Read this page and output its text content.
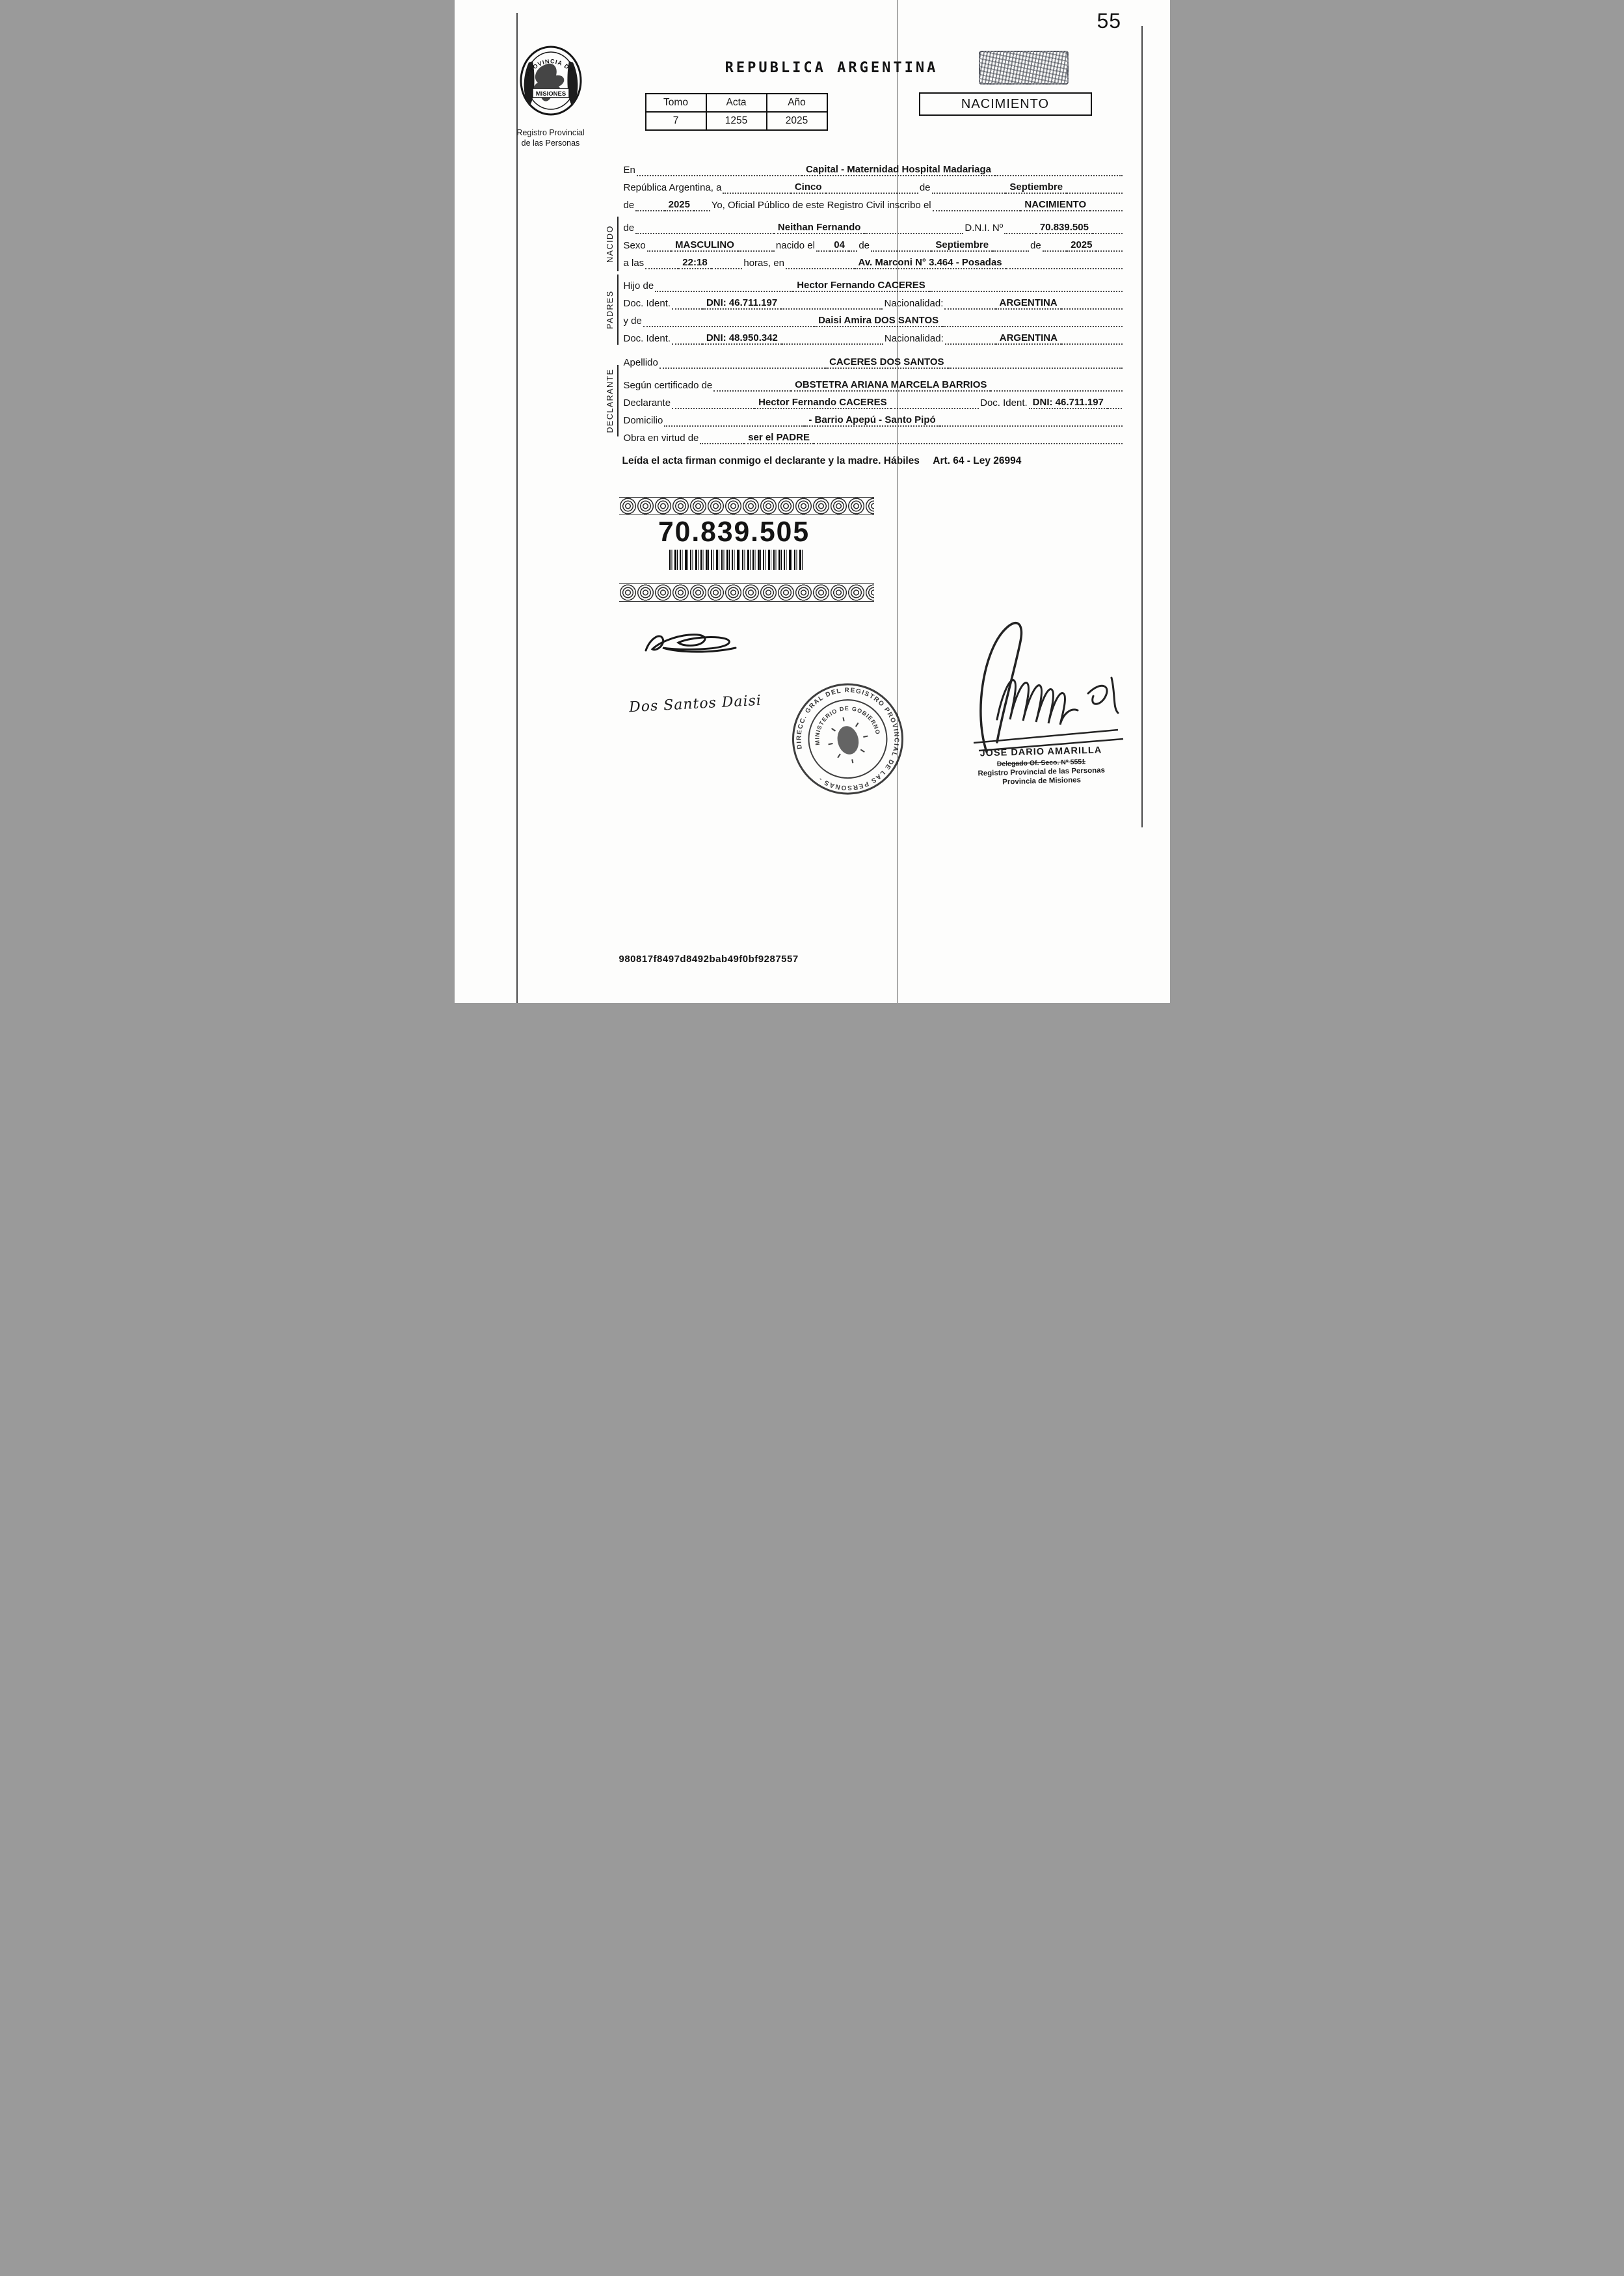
55
PROVINCIA DE
MISIONES
Registro Provincial
de las Personas
REPUBLICA ARGENTINA
Tomo	Acta	Año
7	1255	2025
NACIMIENTO
NACIDO
PADRES
DECLARANTE
En	Capital - Maternidad Hospital Madariaga
República Argentina, a	Cinco	de	Septiembre
de	2025	Yo, Oficial Público de este Registro Civil inscribo el	NACIMIENTO
de	Neithan Fernando	D.N.I. Nº	70.839.505
Sexo	MASCULINO	nacido el	04	de	Septiembre	de	2025
a las	22:18	horas, en	Av. Marconi N° 3.464 - Posadas
Hijo de	Hector Fernando CACERES
Doc. Ident.	DNI: 46.711.197	Nacionalidad:	ARGENTINA
y de	Daisi Amira DOS SANTOS
Doc. Ident.	DNI: 48.950.342	Nacionalidad:	ARGENTINA
Apellido	CACERES DOS SANTOS
Según certificado de	OBSTETRA ARIANA MARCELA BARRIOS
Declarante	Hector Fernando CACERES	Doc. Ident. DNI: 46.711.197
Domicilio	- Barrio Apepú - Santo Pipó
Obra en virtud de	ser el PADRE

Leída el acta firman conmigo el declarante y la madre. Hábiles Art. 64 - Ley 26994

70.839.505
Dos Santos Daisi
DIRECC. GRAL DEL REGISTRO PROVINCIAL DE LAS PERSONAS -
MINISTERIO DE GOBIERNO
JOSE DARIO AMARILLA
Delegado Of. Seco. Nº 5551
Registro Provincial de las Personas
Provincia de Misiones
980817f8497d8492bab49f0bf9287557
